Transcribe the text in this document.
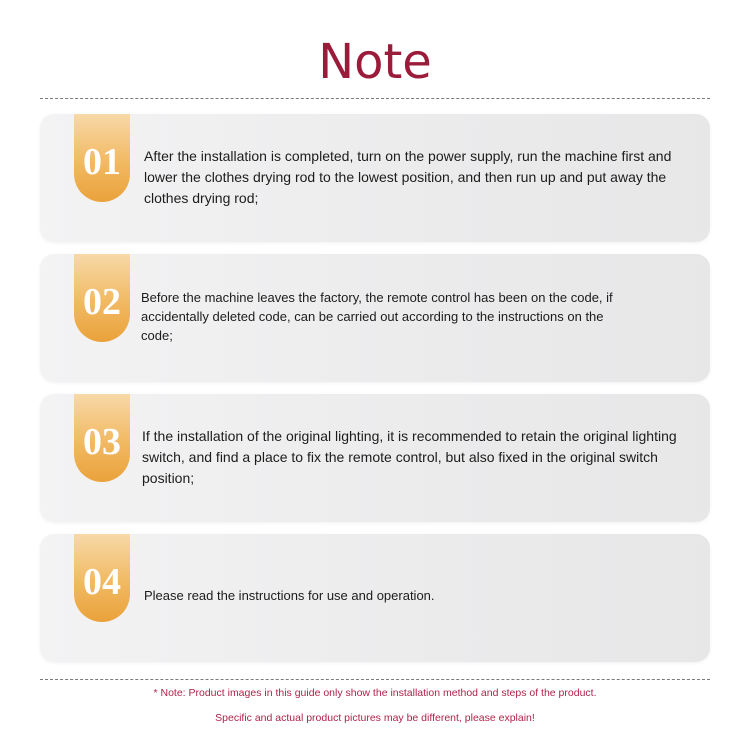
Note
01	After the installation is completed, turn on the power supply, run the machine first and lower the clothes drying rod to the lowest position, and then run up and put away the clothes drying rod;
02	Before the machine leaves the factory, the remote control has been on the code, if accidentally deleted code, can be carried out according to the instructions on the code;
03	If the installation of the original lighting, it is recommended to retain the original lighting switch, and find a place to fix the remote control, but also fixed in the original switch position;
04	Please read the instructions for use and operation.
* Note: Product images in this guide only show the installation method and steps of the product.
Specific and actual product pictures may be different, please explain!
